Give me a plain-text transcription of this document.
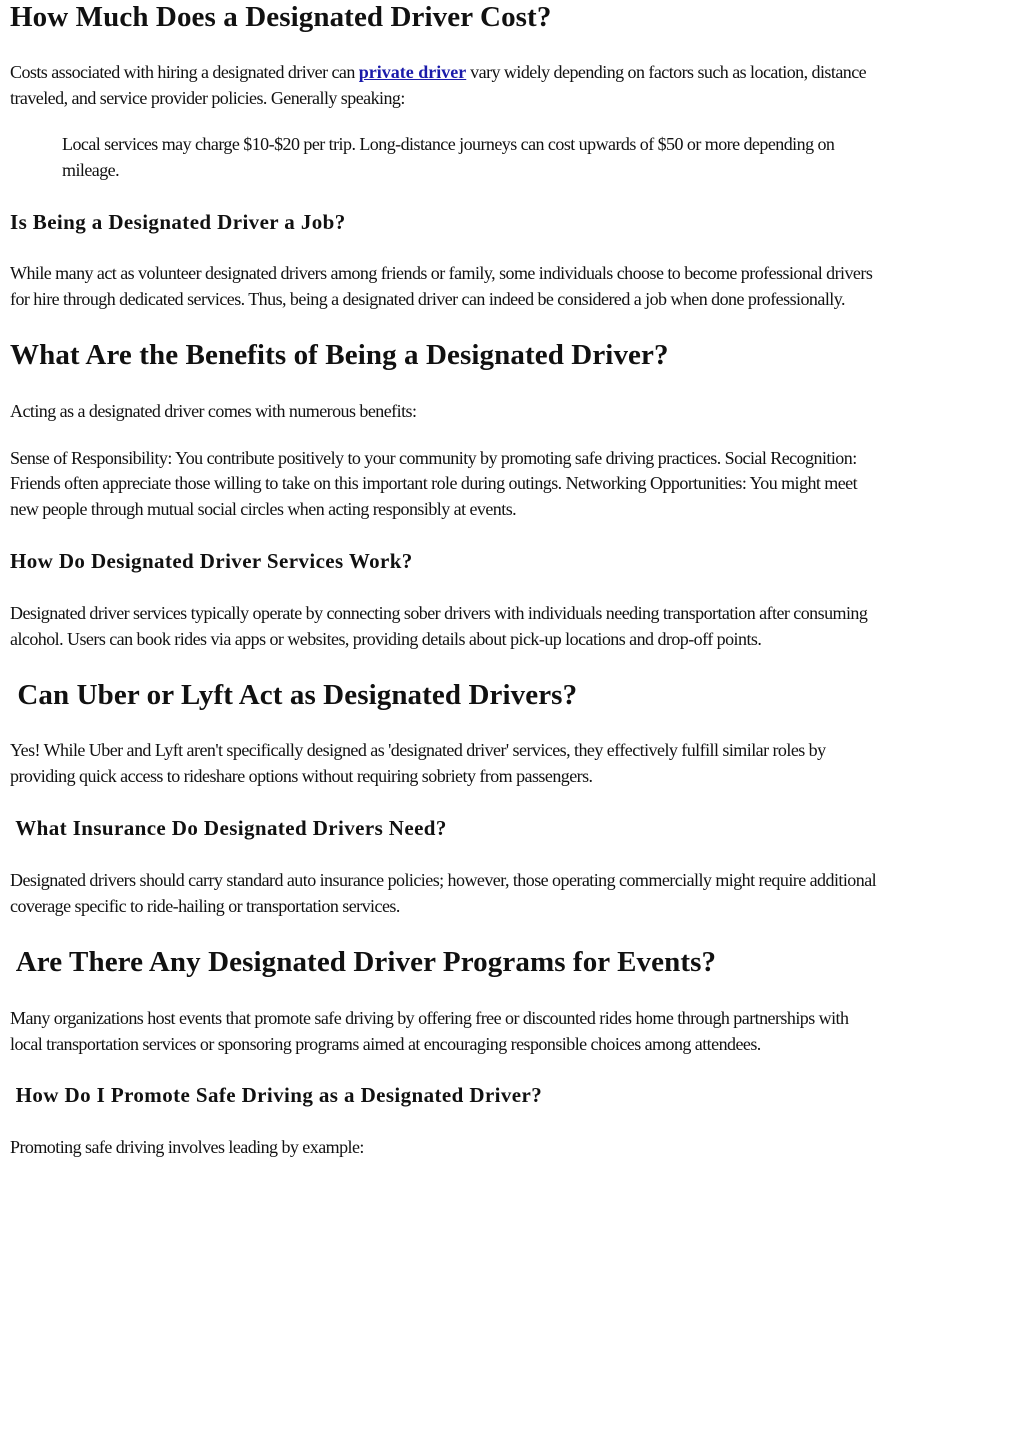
How Much Does a Designated Driver Cost?

Costs associated with hiring a designated driver can private driver vary widely depending on factors such as location, distance

traveled, and service provider policies. Generally speaking:

Local services may charge $10-$20 per trip. Long-distance journeys can cost upwards of $50 or more depending on

mileage.

Is Being a Designated Driver a Job?

While many act as volunteer designated drivers among friends or family, some individuals choose to become professional drivers

for hire through dedicated services. Thus, being a designated driver can indeed be considered a job when done professionally.

What Are the Benefits of Being a Designated Driver?

Acting as a designated driver comes with numerous benefits:

Sense of Responsibility: You contribute positively to your community by promoting safe driving practices. Social Recognition:

Friends often appreciate those willing to take on this important role during outings. Networking Opportunities: You might meet

new people through mutual social circles when acting responsibly at events.

How Do Designated Driver Services Work?

Designated driver services typically operate by connecting sober drivers with individuals needing transportation after consuming

alcohol. Users can book rides via apps or websites, providing details about pick-up locations and drop-off points.

Can Uber or Lyft Act as Designated Drivers?

Yes! While Uber and Lyft aren't specifically designed as 'designated driver' services, they effectively fulfill similar roles by

providing quick access to rideshare options without requiring sobriety from passengers.

What Insurance Do Designated Drivers Need?

Designated drivers should carry standard auto insurance policies; however, those operating commercially might require additional

coverage specific to ride-hailing or transportation services.

Are There Any Designated Driver Programs for Events?

Many organizations host events that promote safe driving by offering free or discounted rides home through partnerships with

local transportation services or sponsoring programs aimed at encouraging responsible choices among attendees.

How Do I Promote Safe Driving as a Designated Driver?

Promoting safe driving involves leading by example:
